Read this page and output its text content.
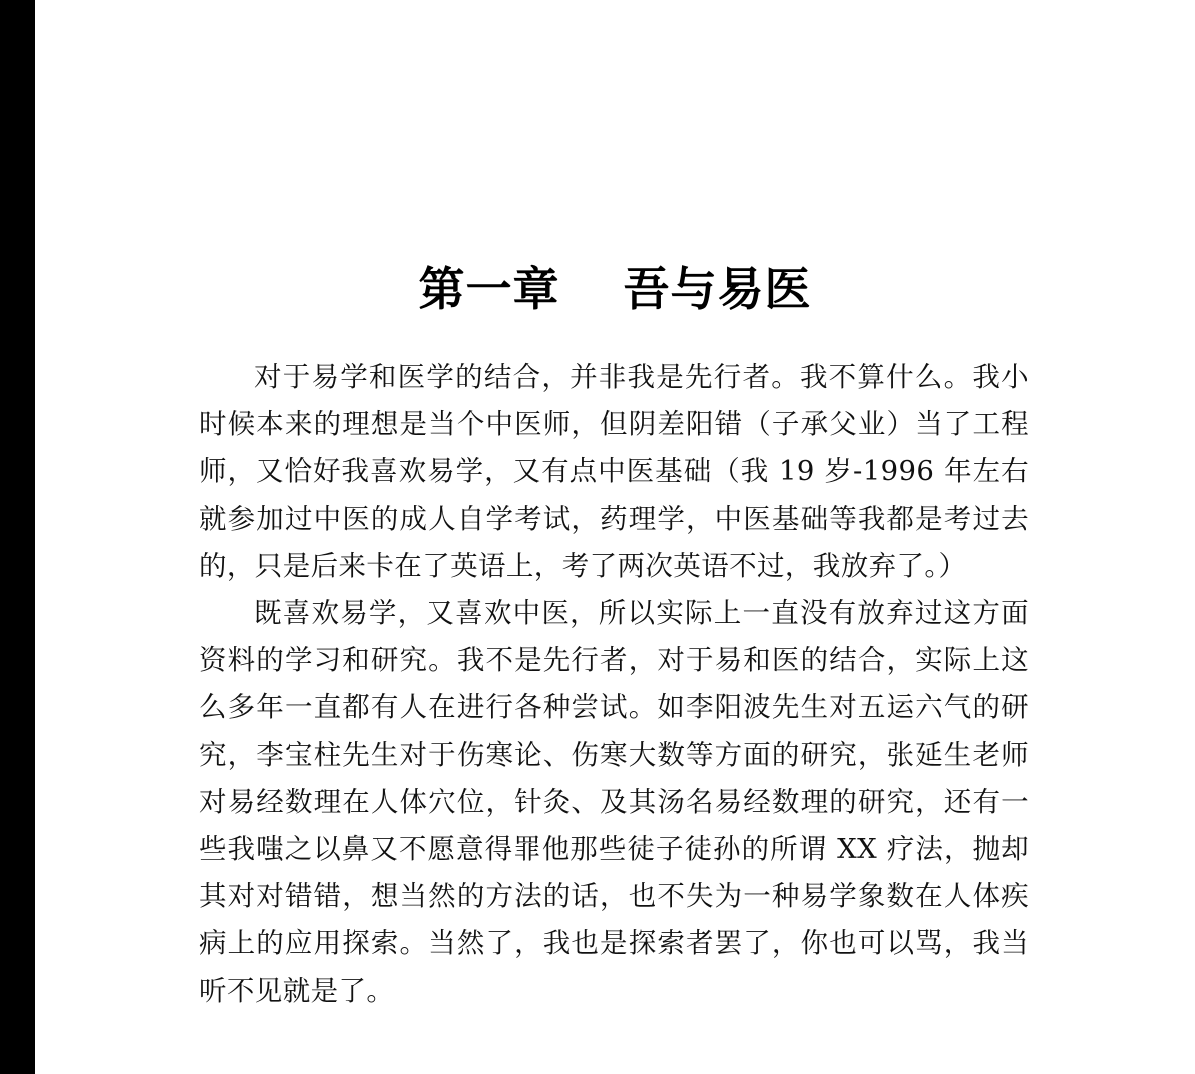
第一章　 吾与易医

对于易学和医学的结合，并非我是先行者。我不算什么。我小时候本来的理想是当个中医师，但阴差阳错（子承父业）当了工程师，又恰好我喜欢易学，又有点中医基础（我 19 岁-1996 年左右就参加过中医的成人自学考试，药理学，中医基础等我都是考过去的，只是后来卡在了英语上，考了两次英语不过，我放弃了。）

既喜欢易学，又喜欢中医，所以实际上一直没有放弃过这方面资料的学习和研究。我不是先行者，对于易和医的结合，实际上这么多年一直都有人在进行各种尝试。如李阳波先生对五运六气的研究，李宝柱先生对于伤寒论、伤寒大数等方面的研究，张延生老师对易经数理在人体穴位，针灸、及其汤名易经数理的研究，还有一些我嗤之以鼻又不愿意得罪他那些徒子徒孙的所谓 XX 疗法，抛却其对对错错，想当然的方法的话，也不失为一种易学象数在人体疾病上的应用探索。当然了，我也是探索者罢了，你也可以骂，我当听不见就是了。
